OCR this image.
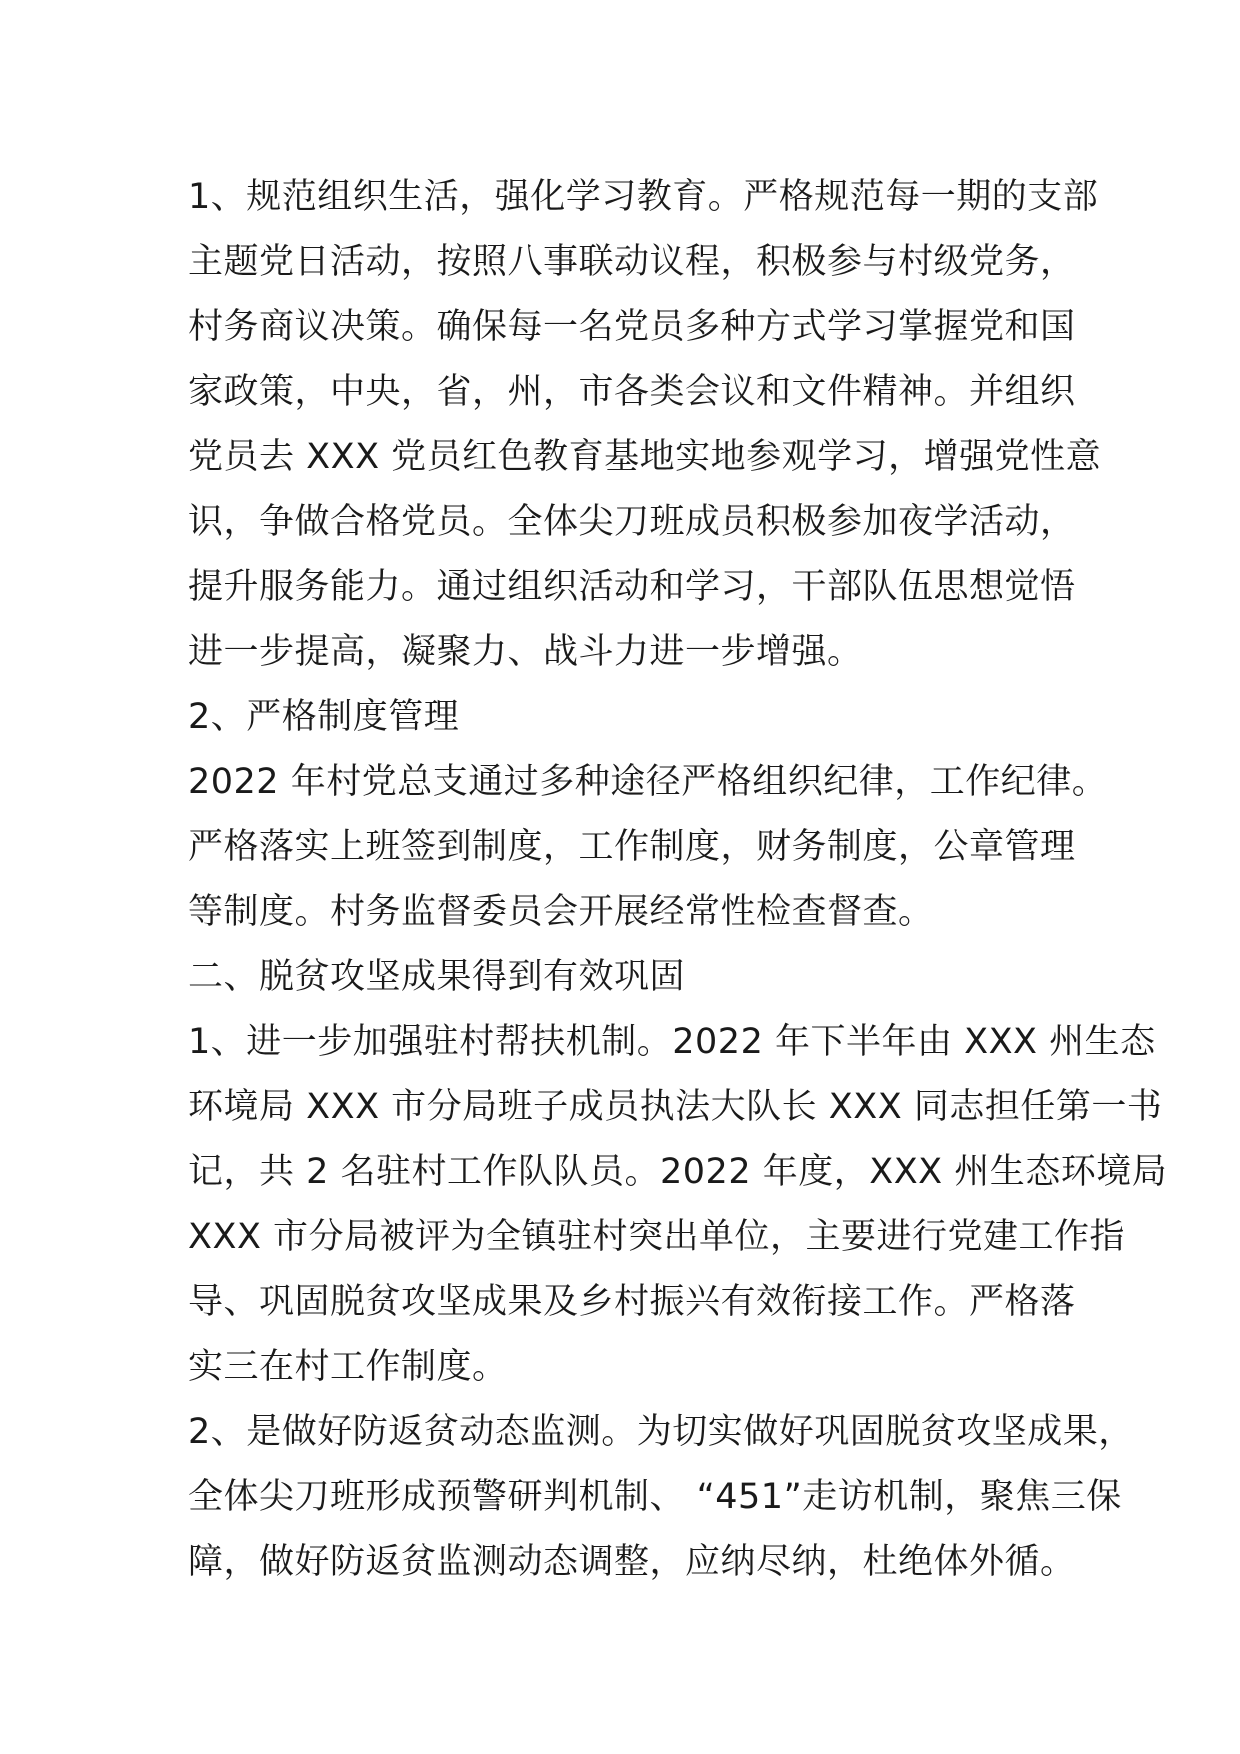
1、规范组织生活，强化学习教育。严格规范每一期的支部
主题党日活动，按照八事联动议程，积极参与村级党务，
村务商议决策。确保每一名党员多种方式学习掌握党和国
家政策，中央，省，州，市各类会议和文件精神。并组织
党员去 XXX 党员红色教育基地实地参观学习，增强党性意
识，争做合格党员。全体尖刀班成员积极参加夜学活动，
提升服务能力。通过组织活动和学习，干部队伍思想觉悟
进一步提高，凝聚力、战斗力进一步增强。
2、严格制度管理
2022 年村党总支通过多种途径严格组织纪律，工作纪律。
严格落实上班签到制度，工作制度，财务制度，公章管理
等制度。村务监督委员会开展经常性检查督查。
二、脱贫攻坚成果得到有效巩固
1、进一步加强驻村帮扶机制。2022 年下半年由 XXX 州生态
环境局 XXX 市分局班子成员执法大队长 XXX 同志担任第一书
记，共 2 名驻村工作队队员。2022 年度，XXX 州生态环境局
XXX 市分局被评为全镇驻村突出单位，主要进行党建工作指
导、巩固脱贫攻坚成果及乡村振兴有效衔接工作。严格落
实三在村工作制度。
2、是做好防返贫动态监测。为切实做好巩固脱贫攻坚成果，
全体尖刀班形成预警研判机制、 “451”走访机制，聚焦三保
障，做好防返贫监测动态调整，应纳尽纳，杜绝体外循。
